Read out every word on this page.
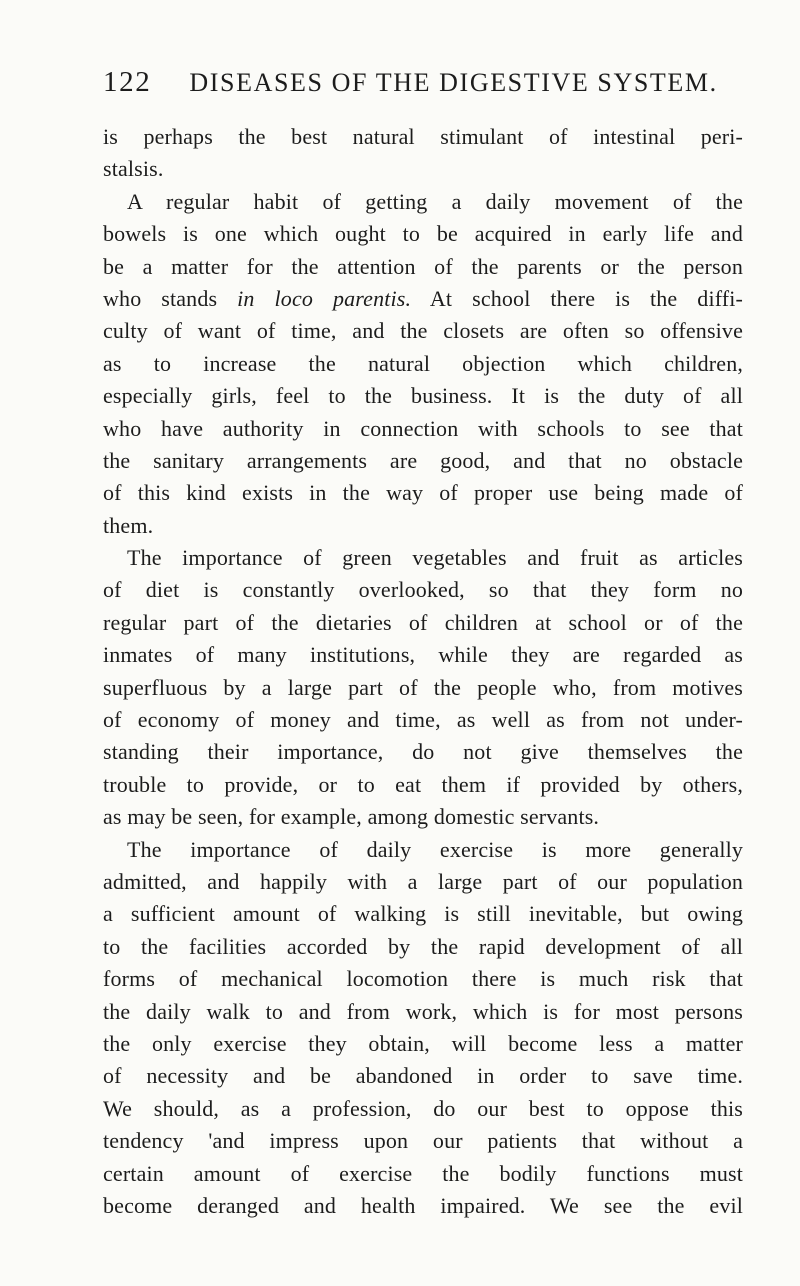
122 DISEASES OF THE DIGESTIVE SYSTEM.
is perhaps the best natural stimulant of intestinal peri-
stalsis.
A regular habit of getting a daily movement of the
bowels is one which ought to be acquired in early life and
be a matter for the attention of the parents or the person
who stands in loco parentis. At school there is the diffi-
culty of want of time, and the closets are often so offensive
as to increase the natural objection which children,
especially girls, feel to the business. It is the duty of all
who have authority in connection with schools to see that
the sanitary arrangements are good, and that no obstacle
of this kind exists in the way of proper use being made of
them.
The importance of green vegetables and fruit as articles
of diet is constantly overlooked, so that they form no
regular part of the dietaries of children at school or of the
inmates of many institutions, while they are regarded as
superfluous by a large part of the people who, from motives
of economy of money and time, as well as from not under-
standing their importance, do not give themselves the
trouble to provide, or to eat them if provided by others,
as may be seen, for example, among domestic servants.
The importance of daily exercise is more generally
admitted, and happily with a large part of our population
a sufficient amount of walking is still inevitable, but owing
to the facilities accorded by the rapid development of all
forms of mechanical locomotion there is much risk that
the daily walk to and from work, which is for most persons
the only exercise they obtain, will become less a matter
of necessity and be abandoned in order to save time.
We should, as a profession, do our best to oppose this
tendency 'and impress upon our patients that without a
certain amount of exercise the bodily functions must
become deranged and health impaired. We see the evil
